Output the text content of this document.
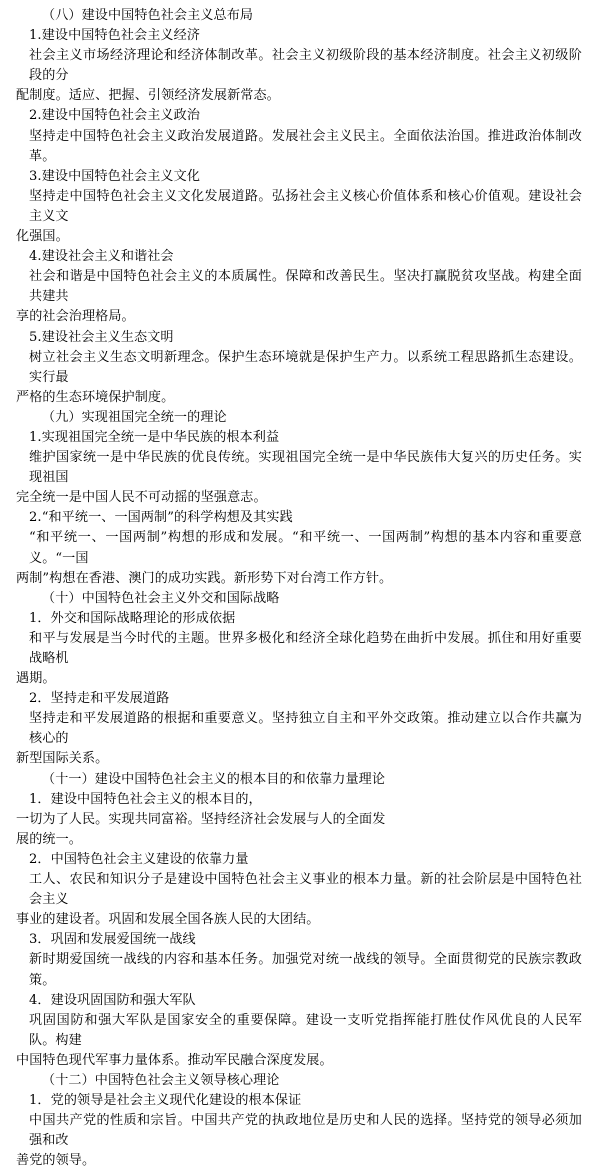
（八）建设中国特色社会主义总布局
1.建设中国特色社会主义经济
社会主义市场经济理论和经济体制改革。社会主义初级阶段的基本经济制度。社会主义初级阶段的分
配制度。适应、把握、引领经济发展新常态。
2.建设中国特色社会主义政治
坚持走中国特色社会主义政治发展道路。发展社会主义民主。全面依法治国。推进政治体制改革。
3.建设中国特色社会主义文化
坚持走中国特色社会主义文化发展道路。弘扬社会主义核心价值体系和核心价值观。建设社会主义文
化强国。
4.建设社会主义和谐社会
社会和谐是中国特色社会主义的本质属性。保障和改善民生。坚决打赢脱贫攻坚战。构建全面共建共
享的社会治理格局。
5.建设社会主义生态文明
树立社会主义生态文明新理念。保护生态环境就是保护生产力。以系统工程思路抓生态建设。实行最
严格的生态环境保护制度。
（九）实现祖国完全统一的理论
1.实现祖国完全统一是中华民族的根本利益
维护国家统一是中华民族的优良传统。实现祖国完全统一是中华民族伟大复兴的历史任务。实现祖国
完全统一是中国人民不可动摇的坚强意志。
2.“和平统一、一国两制”的科学构想及其实践
“和平统一、一国两制”构想的形成和发展。“和平统一、一国两制”构想的基本内容和重要意义。“一国
两制”构想在香港、澳门的成功实践。新形势下对台湾工作方针。
（十）中国特色社会主义外交和国际战略
1．外交和国际战略理论的形成依据
和平与发展是当今时代的主题。世界多极化和经济全球化趋势在曲折中发展。抓住和用好重要战略机
遇期。
2．坚持走和平发展道路
坚持走和平发展道路的根据和重要意义。坚持独立自主和平外交政策。推动建立以合作共赢为核心的
新型国际关系。
（十一）建设中国特色社会主义的根本目的和依靠力量理论
1．建设中国特色社会主义的根本目的，
一切为了人民。实现共同富裕。坚持经济社会发展与人的全面发
展的统一。
2．中国特色社会主义建设的依靠力量
工人、农民和知识分子是建设中国特色社会主义事业的根本力量。新的社会阶层是中国特色社会主义
事业的建设者。巩固和发展全国各族人民的大团结。
3．巩固和发展爱国统一战线
新时期爱国统一战线的内容和基本任务。加强党对统一战线的领导。全面贯彻党的民族宗教政策。
4．建设巩固国防和强大军队
巩固国防和强大军队是国家安全的重要保障。建设一支听党指挥能打胜仗作风优良的人民军队。构建
中国特色现代军事力量体系。推动军民融合深度发展。
（十二）中国特色社会主义领导核心理论
1．党的领导是社会主义现代化建设的根本保证
中国共产党的性质和宗旨。中国共产党的执政地位是历史和人民的选择。坚持党的领导必须加强和改
善党的领导。
